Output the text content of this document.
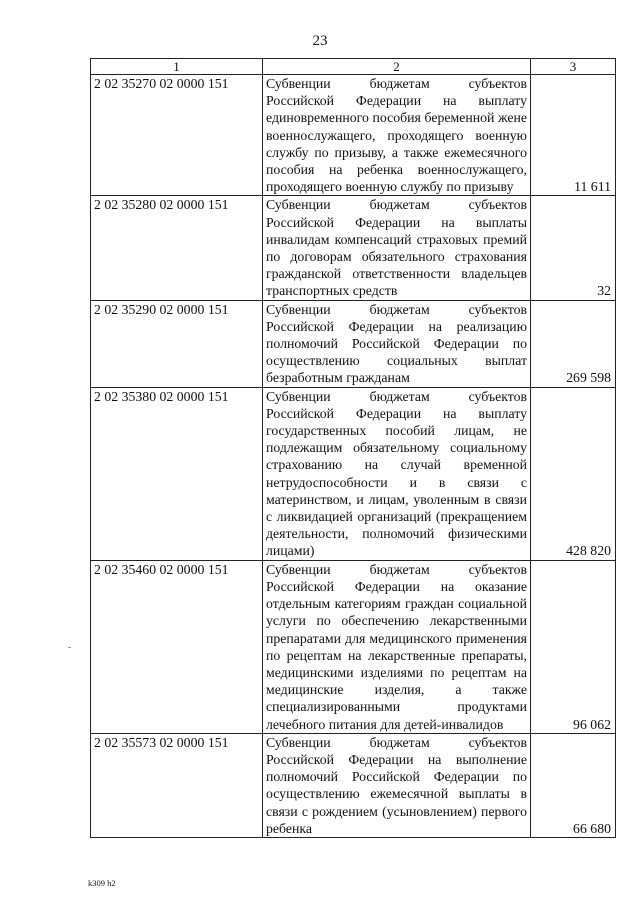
23
1	2	3
2 02 35270 02 0000 151	Субвенции бюджетам субъектов Российской Федерации на выплату единовременного пособия беременной жене военнослужащего, проходящего военную службу по призыву, а также ежемесячного пособия на ребенка военнослужащего, проходящего военную службу по призыву	11 611
2 02 35280 02 0000 151	Субвенции бюджетам субъектов Российской Федерации на выплаты инвалидам компенсаций страховых премий по договорам обязательного страхования гражданской ответственности владельцев транспортных средств	32
2 02 35290 02 0000 151	Субвенции бюджетам субъектов Российской Федерации на реализацию полномочий Российской Федерации по осуществлению социальных выплат безработным гражданам	269 598
2 02 35380 02 0000 151	Субвенции бюджетам субъектов Российской Федерации на выплату государственных пособий лицам, не подлежащим обязательному социальному страхованию на случай временной нетрудоспособности и в связи с материнством, и лицам, уволенным в связи с ликвидацией организаций (прекращением деятельности, полномочий физическими лицами)	428 820
2 02 35460 02 0000 151	Субвенции бюджетам субъектов Российской Федерации на оказание отдельным категориям граждан социальной услуги по обеспечению лекарственными препаратами для медицинского применения по рецептам на лекарственные препараты, медицинскими изделиями по рецептам на медицинские изделия, а также специализированными продуктами лечебного питания для детей-инвалидов	96 062
2 02 35573 02 0000 151	Субвенции бюджетам субъектов Российской Федерации на выполнение полномочий Российской Федерации по осуществлению ежемесячной выплаты в связи с рождением (усыновлением) первого ребенка	66 680
k309 h2
